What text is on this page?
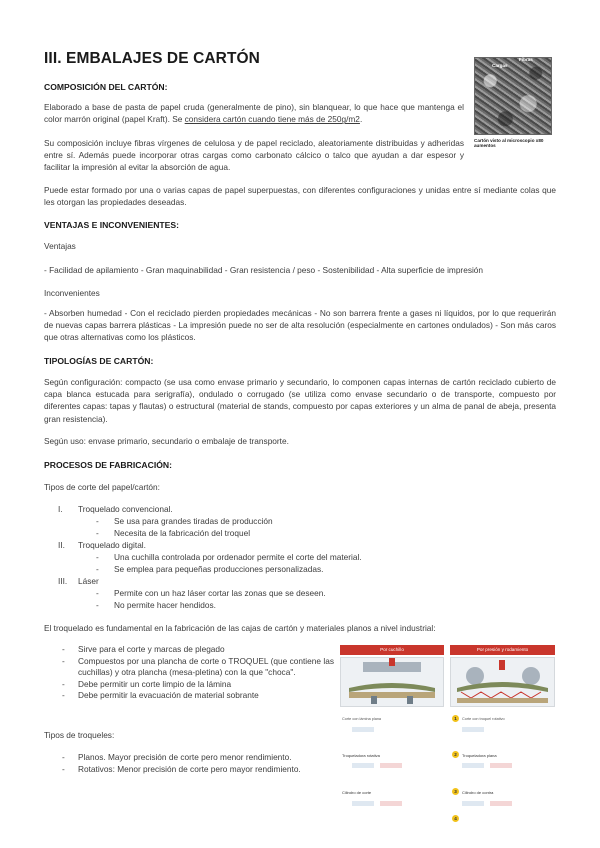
III. EMBALAJES DE CARTÓN	Cargas
Fibras
Cartón visto al microscopio x80 aumentos
COMPOSICIÓN DEL CARTÓN:

Elaborado a base de pasta de papel cruda (generalmente de pino), sin blanquear, lo que hace que mantenga el color marrón original (papel Kraft). Se considera cartón cuando tiene más de 250g/m2.

Su composición incluye fibras vírgenes de celulosa y de papel reciclado, aleatoriamente distribuidas y adheridas entre sí. Además puede incorporar otras cargas como carbonato cálcico o talco que ayudan a dar espesor y facilitar la impresión al evitar la absorción de agua.

Puede estar formado por una o varias capas de papel superpuestas, con diferentes configuraciones y unidas entre sí mediante colas que les otorgan las propiedades deseadas.

VENTAJAS E INCONVENIENTES:

Ventajas

- Facilidad de apilamiento - Gran maquinabilidad - Gran resistencia / peso - Sostenibilidad - Alta superficie de impresión

Inconvenientes

- Absorben humedad - Con el reciclado pierden propiedades mecánicas - No son barrera frente a gases ni líquidos, por lo que requerirán de nuevas capas barrera plásticas - La impresión puede no ser de alta resolución (especialmente en cartones ondulados) - Son más caros que otras alternativas como los plásticos.

TIPOLOGÍAS DE CARTÓN:

Según configuración: compacto (se usa como envase primario y secundario, lo componen capas internas de cartón reciclado cubierto de capa blanca estucada para serigrafía), ondulado o corrugado (se utiliza como envase secundario o de transporte, compuesto por diferentes capas: tapas y flautas) o estructural (material de stands, compuesto por capas exteriores y un alma de panal de abeja, presenta gran resistencia).

Según uso: envase primario, secundario o embalaje de transporte.

PROCESOS DE FABRICACIÓN:

Tipos de corte del papel/cartón:

I. Troquelado convencional.
- Se usa para grandes tiradas de producción
- Necesita de la fabricación del troquel
II. Troquelado digital.
- Una cuchilla controlada por ordenador permite el corte del material.
- Se emplea para pequeñas producciones personalizadas.
III. Láser
- Permite con un haz láser cortar las zonas que se deseen.
- No permite hacer hendidos.

El troquelado es fundamental en la fabricación de las cajas de cartón y materiales planos a nivel industrial:

- Sirve para el corte y marcas de plegado
- Compuestos por una plancha de corte o TROQUEL (que contiene las cuchillas) y otra plancha (mesa-pletina) con la que "choca".
- Debe permitir un corte limpio de la lámina
- Debe permitir la evacuación de material sobrante

Tipos de troqueles:

- Planos. Mayor precisión de corte pero menor rendimiento.
- Rotativos: Menor precisión de corte pero mayor rendimiento.
Por cuchillo	Por presión y rodamiento
Corte con lámina plana	1	Corte con troquel rotativo
Troqueladora rotativa	2	Troqueladora plana
Cilindro de corte	3	Cilindro de contra
4
